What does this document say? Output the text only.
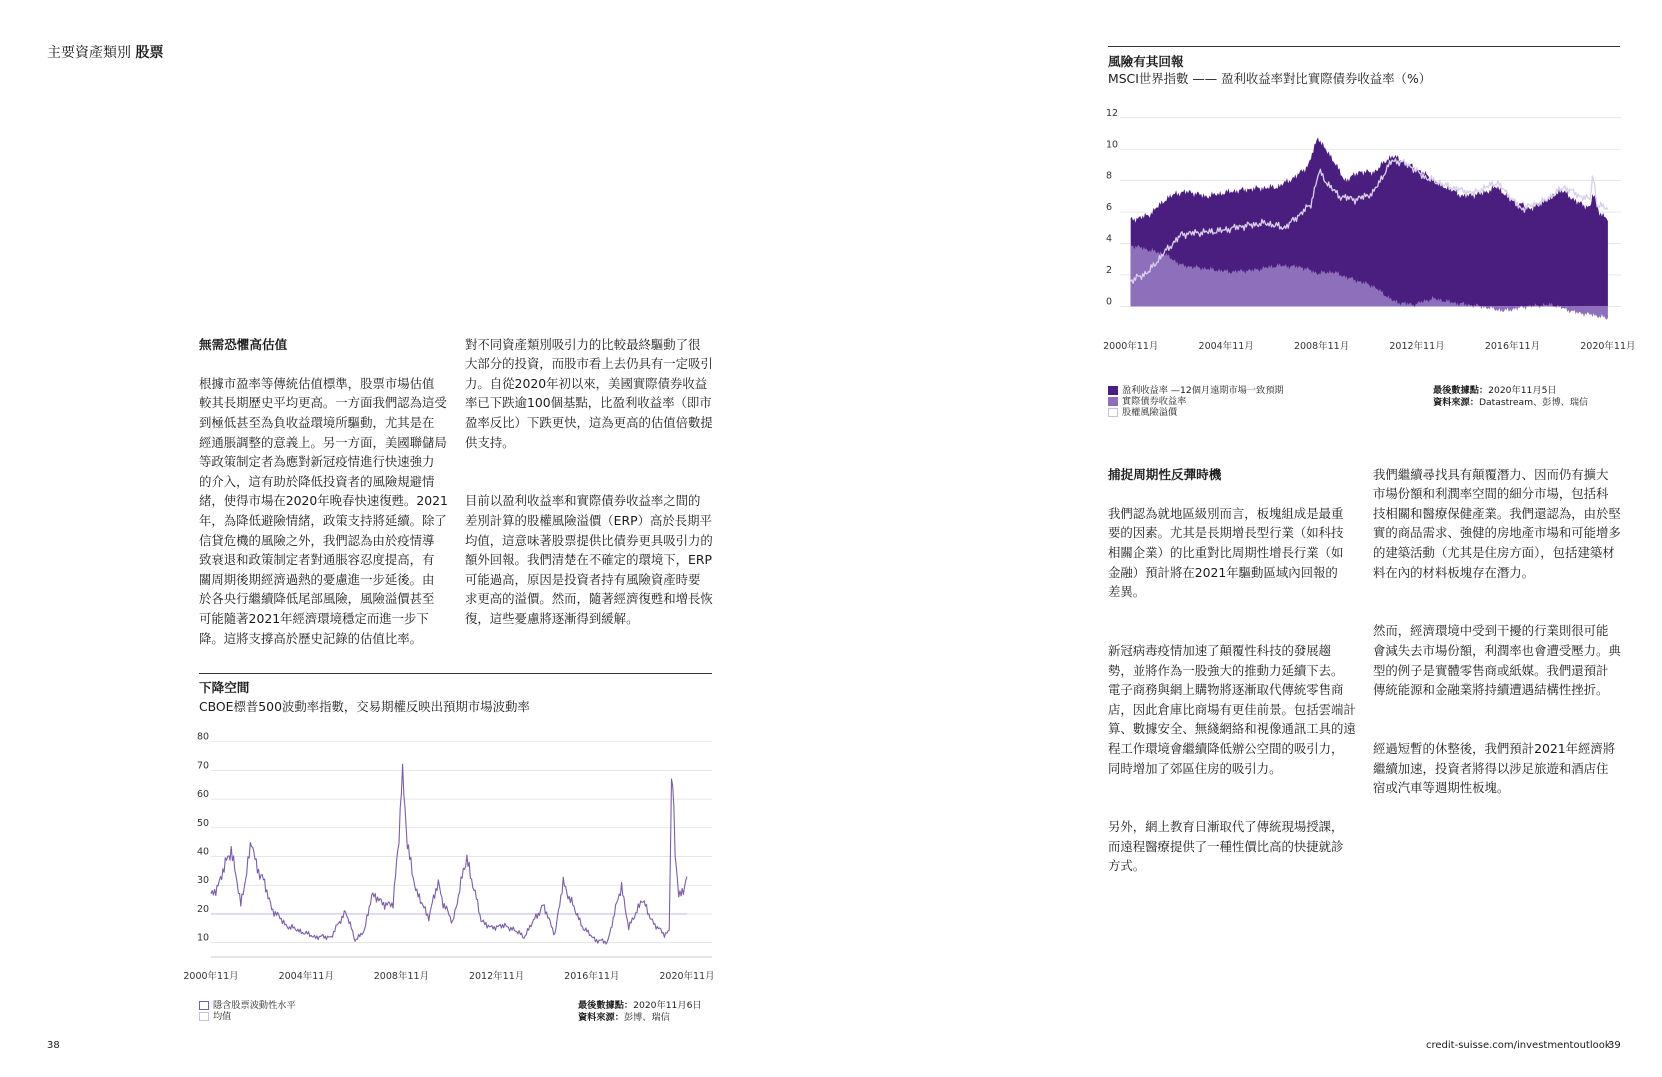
主要資產類別 股票

無需恐懼高估值

根據市盈率等傳統估值標準，股票市場估值
較其長期歷史平均更高。一方面我們認為這受
到極低甚至為負收益環境所驅動，尤其是在
經通脹調整的意義上。另一方面，美國聯儲局
等政策制定者為應對新冠疫情進行快速強力
的介入，這有助於降低投資者的風險規避情
緒，使得市場在2020年晚春快速復甦。2021
年，為降低避險情緒，政策支持將延續。除了
信貸危機的風險之外，我們認為由於疫情導
致衰退和政策制定者對通脹容忍度提高，有
關周期後期經濟過熱的憂慮進一步延後。由
於各央行繼續降低尾部風險，風險溢價甚至
可能隨著2021年經濟環境穩定而進一步下
降。這將支撐高於歷史記錄的估值比率。

對不同資產類別吸引力的比較最終驅動了很
大部分的投資，而股市看上去仍具有一定吸引
力。自從2020年初以來，美國實際債券收益
率已下跌逾100個基點，比盈利收益率（即市
盈率反比）下跌更快，這為更高的估值倍數提
供支持。

目前以盈利收益率和實際債券收益率之間的
差別計算的股權風險溢價（ERP）高於長期平
均值，這意味著股票提供比債券更具吸引力的
額外回報。我們清楚在不確定的環境下，ERP
可能過高，原因是投資者持有風險資產時要
求更高的溢價。然而，隨著經濟復甦和增長恢
復，這些憂慮將逐漸得到緩解。

下降空間
CBOE標普500波動率指數，交易期權反映出預期市場波動率
80
70
60
50
40
30
20
10
2000年11月	2004年11月	2008年11月	2012年11月	2016年11月	2020年11月
隱含股票波動性水平
均值
最後數據點：2020年11月6日
資料來源：彭博、瑞信
風險有其回報
MSCI世界指數 —— 盈利收益率對比實際債券收益率（%）
12
10
8
6
4
2
0
2000年11月	2004年11月	2008年11月	2012年11月	2016年11月	2020年11月
盈利收益率 —12個月遠期市場一致預期
實際債券收益率
股權風險溢價
最後數據點：2020年11月5日
資料來源：Datastream、彭博、瑞信

捕捉周期性反彈時機

我們認為就地區級別而言，板塊組成是最重
要的因素。尤其是長期增長型行業（如科技
相關企業）的比重對比周期性增長行業（如
金融）預計將在2021年驅動區域內回報的
差異。

新冠病毒疫情加速了顛覆性科技的發展趨
勢，並將作為一股強大的推動力延續下去。
電子商務與網上購物將逐漸取代傳統零售商
店，因此倉庫比商場有更佳前景。包括雲端計
算、數據安全、無綫網絡和視像通訊工具的遠
程工作環境會繼續降低辦公空間的吸引力，
同時增加了郊區住房的吸引力。

另外，網上教育日漸取代了傳統現場授課，
而遠程醫療提供了一種性價比高的快捷就診
方式。

我們繼續尋找具有顛覆潛力、因而仍有擴大
市場份額和利潤率空間的細分市場，包括科
技相關和醫療保健產業。我們還認為，由於堅
實的商品需求、強健的房地產市場和可能增多
的建築活動（尤其是住房方面），包括建築材
料在內的材料板塊存在潛力。

然而，經濟環境中受到干擾的行業則很可能
會減失去市場份額，利潤率也會遭受壓力。典
型的例子是實體零售商或紙媒。我們還預計
傳統能源和金融業將持續遭遇結構性挫折。

經過短暫的休整後，我們預計2021年經濟將
繼續加速，投資者將得以涉足旅遊和酒店住
宿或汽車等週期性板塊。

38	credit-suisse.com/investmentoutlook
39
